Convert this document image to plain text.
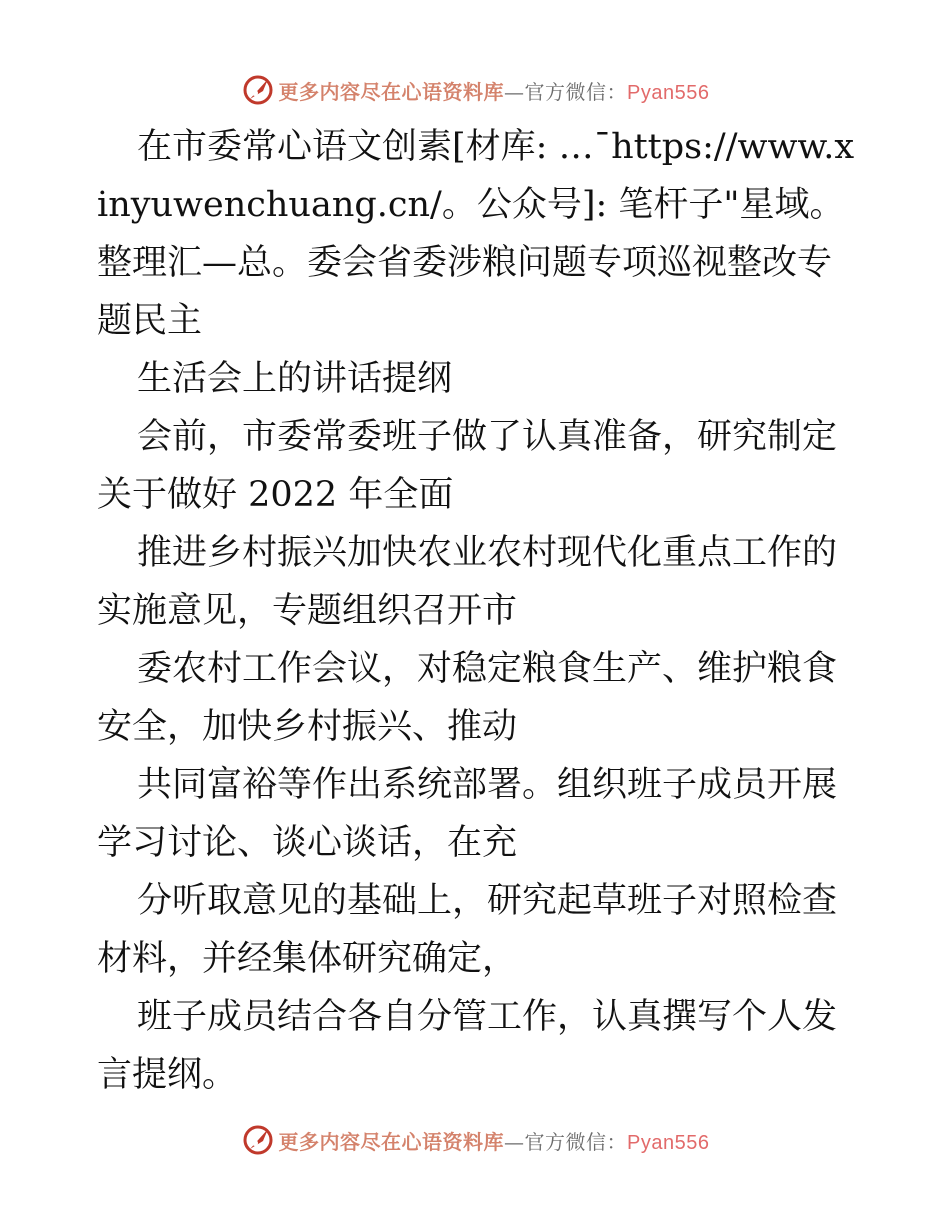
更多内容尽在心语资料库—官方微信：Pyan556

在市委常心语文创素[材库: …¯https://www.xinyuwenchuang.cn/。公众号]: 笔杆子"星域。整理汇—总。委会省委涉粮问题专项巡视整改专题民主

生活会上的讲话提纲

会前，市委常委班子做了认真准备，研究制定关于做好 2022 年全面

推进乡村振兴加快农业农村现代化重点工作的实施意见，专题组织召开市

委农村工作会议，对稳定粮食生产、维护粮食安全，加快乡村振兴、推动

共同富裕等作出系统部署。组织班子成员开展学习讨论、谈心谈话，在充

分听取意见的基础上，研究起草班子对照检查材料，并经集体研究确定，

班子成员结合各自分管工作，认真撰写个人发言提纲。

更多内容尽在心语资料库—官方微信：Pyan556
